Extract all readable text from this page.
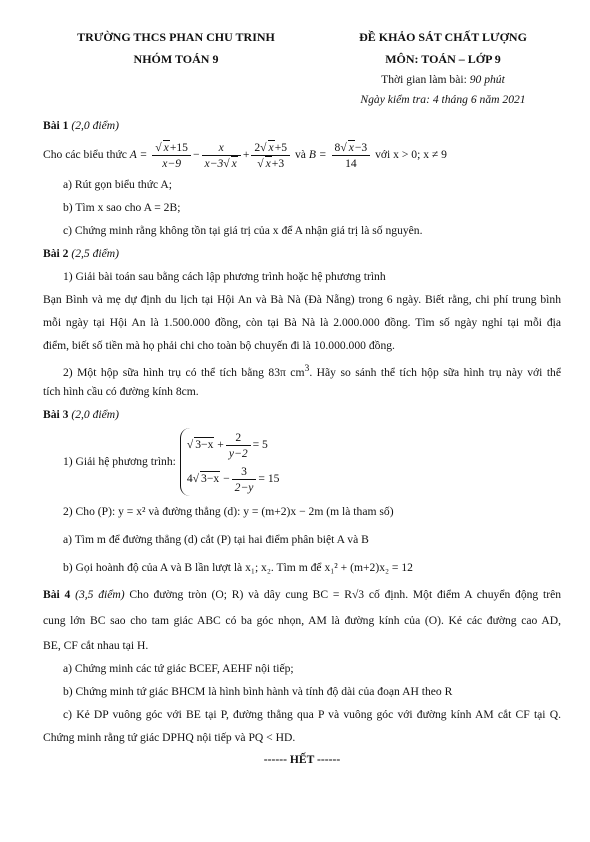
TRƯỜNG THCS PHAN CHU TRINH
NHÓM TOÁN 9
ĐỀ KHẢO SÁT CHẤT LƯỢNG
MÔN: TOÁN – LỚP 9
Thời gian làm bài: 90 phút
Ngày kiểm tra: 4 tháng 6 năm 2021
Bài 1 (2,0 điểm)
Cho các biểu thức $A = \frac{√ x+15}{x-9} - \frac{x}{x-3√ x} + \frac{2√ x+5}{√ x+3}$ và $B = \frac{8√ x-3}{14}$ với x > 0; x ≠ 9
a) Rút gọn biểu thức A;
b) Tìm x sao cho A = 2B;
c) Chứng minh rằng không tồn tại giá trị của x để A nhận giá trị là số nguyên.
Bài 2 (2,5 điểm)
1) Giải bài toán sau bằng cách lập phương trình hoặc hệ phương trình
Bạn Bình và mẹ dự định du lịch tại Hội An và Bà Nà (Đà Nẵng) trong 6 ngày. Biết rằng, chi phí trung bình
mỗi ngày tại Hội An là 1.500.000 đồng, còn tại Bà Nà là 2.000.000 đồng. Tìm số ngày nghỉ tại mỗi địa
điểm, biết số tiền mà họ phải chi cho toàn bộ chuyến đi là 10.000.000 đồng.
2) Một hộp sữa hình trụ có thể tích bằng 83π $cm^3$. Hãy so sánh thể tích hộp sữa hình trụ này với thể
tích hình cầu có đường kính 8cm.
Bài 3 (2,0 điểm)
1) Giải hệ phương trình:
√ 3−x
+ $\frac{2}{y-2} = 5$
4 √ 3−x
− $\frac{3}{2-y} = 15$
2) Cho (P): y = x² và đường thẳng (d): y = (m+2)x − 2m (m là tham số)
a) Tìm m để đường thẳng (d) cắt (P) tại hai điểm phân biệt A và B
b) Gọi hoành độ của A và B lần lượt là x₁; x₂. Tìm m để x₁² + (m+2)x₂ = 12
Bài 4 (3,5 điểm) Cho đường tròn (O; R) và dây cung BC = R√3 cố định. Một điểm A chuyển động trên
cung lớn BC sao cho tam giác ABC có ba góc nhọn, AM là đường kính của (O). Kẻ các đường cao AD,
BE, CF cắt nhau tại H.
a) Chứng minh các tứ giác BCEF, AEHF nội tiếp;
b) Chứng minh tứ giác BHCM là hình bình hành và tính độ dài của đoạn AH theo R
c) Kẻ DP vuông góc với BE tại P, đường thẳng qua P và vuông góc với đường kính AM cắt CF tại Q.
Chứng minh rằng tứ giác DPHQ nội tiếp và PQ < HD.
------ HẾT ------
